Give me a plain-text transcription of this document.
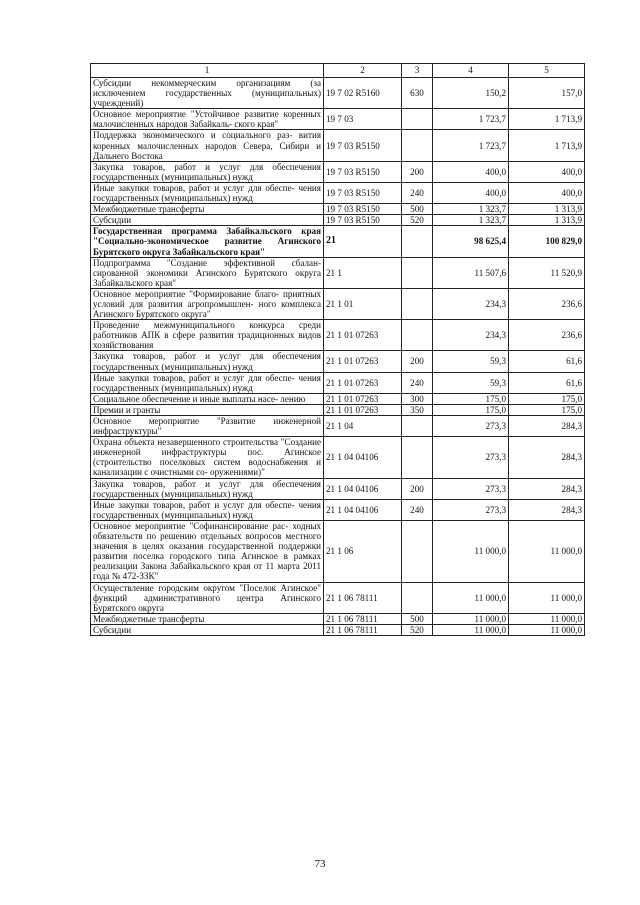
1	2	3	4	5
Субсидии некоммерческим организациям (за исключением государственных (муниципальных) учреждений)	19 7 02 R5160	630	150,2	157,0
Основное мероприятие "Устойчивое развитие коренных малочисленных народов Забайкаль- ского края"	19 7 03		1 723,7	1 713,9
Поддержка экономического и социального раз- вития коренных малочисленных народов Севера, Сибири и Дальнего Востока	19 7 03 R5150		1 723,7	1 713,9
Закупка товаров, работ и услуг для обеспечения государственных (муниципальных) нужд	19 7 03 R5150	200	400,0	400,0
Иные закупки товаров, работ и услуг для обеспе- чения государственных (муниципальных) нужд	19 7 03 R5150	240	400,0	400,0
Межбюджетные трансферты	19 7 03 R5150	500	1 323,7	1 313,9
Субсидии	19 7 03 R5150	520	1 323,7	1 313,9
Государственная программа Забайкальского края "Социально-экономическое развитие Агинского Бурятского округа Забайкальского края"	21		98 625,4	100 829,0
Подпрограмма "Создание эффективной сбалан- сированной экономики Агинского Бурятского округа Забайкальского края"	21 1		11 507,6	11 520,9
Основное мероприятие "Формирование благо- приятных условий для развития агропромышлен- ного комплекса Агинского Бурятского округа"	21 1 01		234,3	236,6
Проведение межмуниципального конкурса среди работников АПК в сфере развития традиционных видов хозяйствования	21 1 01 07263		234,3	236,6
Закупка товаров, работ и услуг для обеспечения государственных (муниципальных) нужд	21 1 01 07263	200	59,3	61,6
Иные закупки товаров, работ и услуг для обеспе- чения государственных (муниципальных) нужд	21 1 01 07263	240	59,3	61,6
Социальное обеспечение и иные выплаты насе- лению	21 1 01 07263	300	175,0	175,0
Премии и гранты	21 1 01 07263	350	175,0	175,0
Основное мероприятие "Развитие инженерной инфраструктуры"	21 1 04		273,3	284,3
Охрана объекта незавершенного строительства "Создание инженерной инфраструктуры пос. Агинское (строительство поселковых систем водоснабжения и канализации с очистными со- оружениями)"	21 1 04 04106		273,3	284,3
Закупка товаров, работ и услуг для обеспечения государственных (муниципальных) нужд	21 1 04 04106	200	273,3	284,3
Иные закупки товаров, работ и услуг для обеспе- чения государственных (муниципальных) нужд	21 1 04 04106	240	273,3	284,3
Основное мероприятие "Софинансирование рас- ходных обязательств по решению отдельных вопросов местного значения в целях оказания государственной поддержки развития поселка городского типа Агинское в рамках реализации Закона Забайкальского края от 11 марта 2011 года № 472-ЗЗК"	21 1 06		11 000,0	11 000,0
Осуществление городским округом "Поселок Агинское" функций административного центра Агинского Бурятского округа	21 1 06 78111		11 000,0	11 000,0
Межбюджетные трансферты	21 1 06 78111	500	11 000,0	11 000,0
Субсидии	21 1 06 78111	520	11 000,0	11 000,0
73
